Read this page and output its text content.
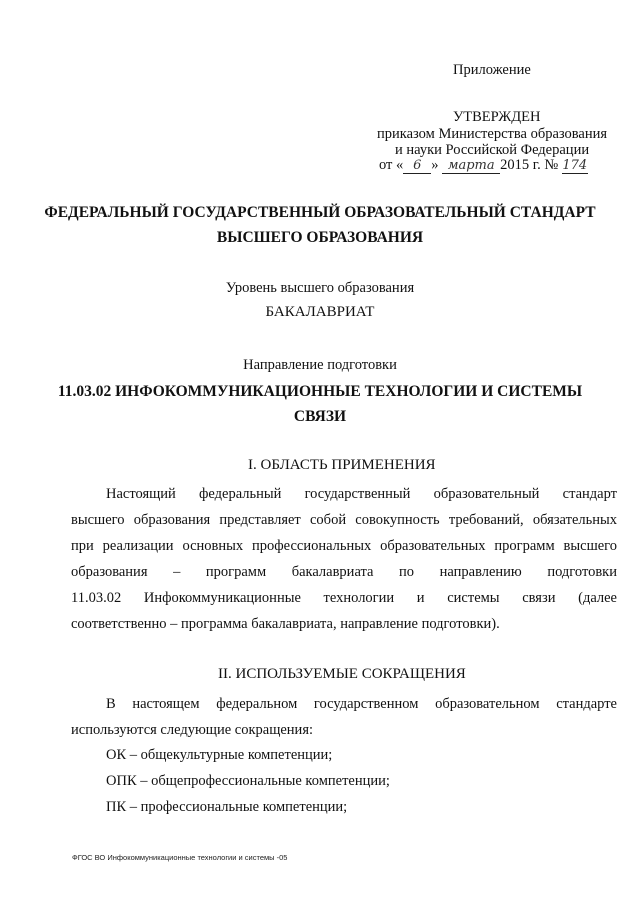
Приложение
УТВЕРЖДЕН
приказом Министерства образования
и науки Российской Федерации
от « 6 » марта 2015 г. № 174
ФЕДЕРАЛЬНЫЙ ГОСУДАРСТВЕННЫЙ ОБРАЗОВАТЕЛЬНЫЙ СТАНДАРТ
ВЫСШЕГО ОБРАЗОВАНИЯ
Уровень высшего образования
БАКАЛАВРИАТ
Направление подготовки
11.03.02 ИНФОКОММУНИКАЦИОННЫЕ ТЕХНОЛОГИИ И СИСТЕМЫ
СВЯЗИ
I. ОБЛАСТЬ ПРИМЕНЕНИЯ
Настоящий федеральный государственный образовательный стандарт
высшего образования представляет собой совокупность требований, обязательных
при реализации основных профессиональных образовательных программ высшего
образования – программ бакалавриата по направлению подготовки
11.03.02 Инфокоммуникационные технологии и системы связи (далее
соответственно – программа бакалавриата, направление подготовки).
II. ИСПОЛЬЗУЕМЫЕ СОКРАЩЕНИЯ
В настоящем федеральном государственном образовательном стандарте
используются следующие сокращения:
ОК – общекультурные компетенции;
ОПК – общепрофессиональные компетенции;
ПК – профессиональные компетенции;
ФГОС ВО Инфокоммуникационные технологии и системы -05
